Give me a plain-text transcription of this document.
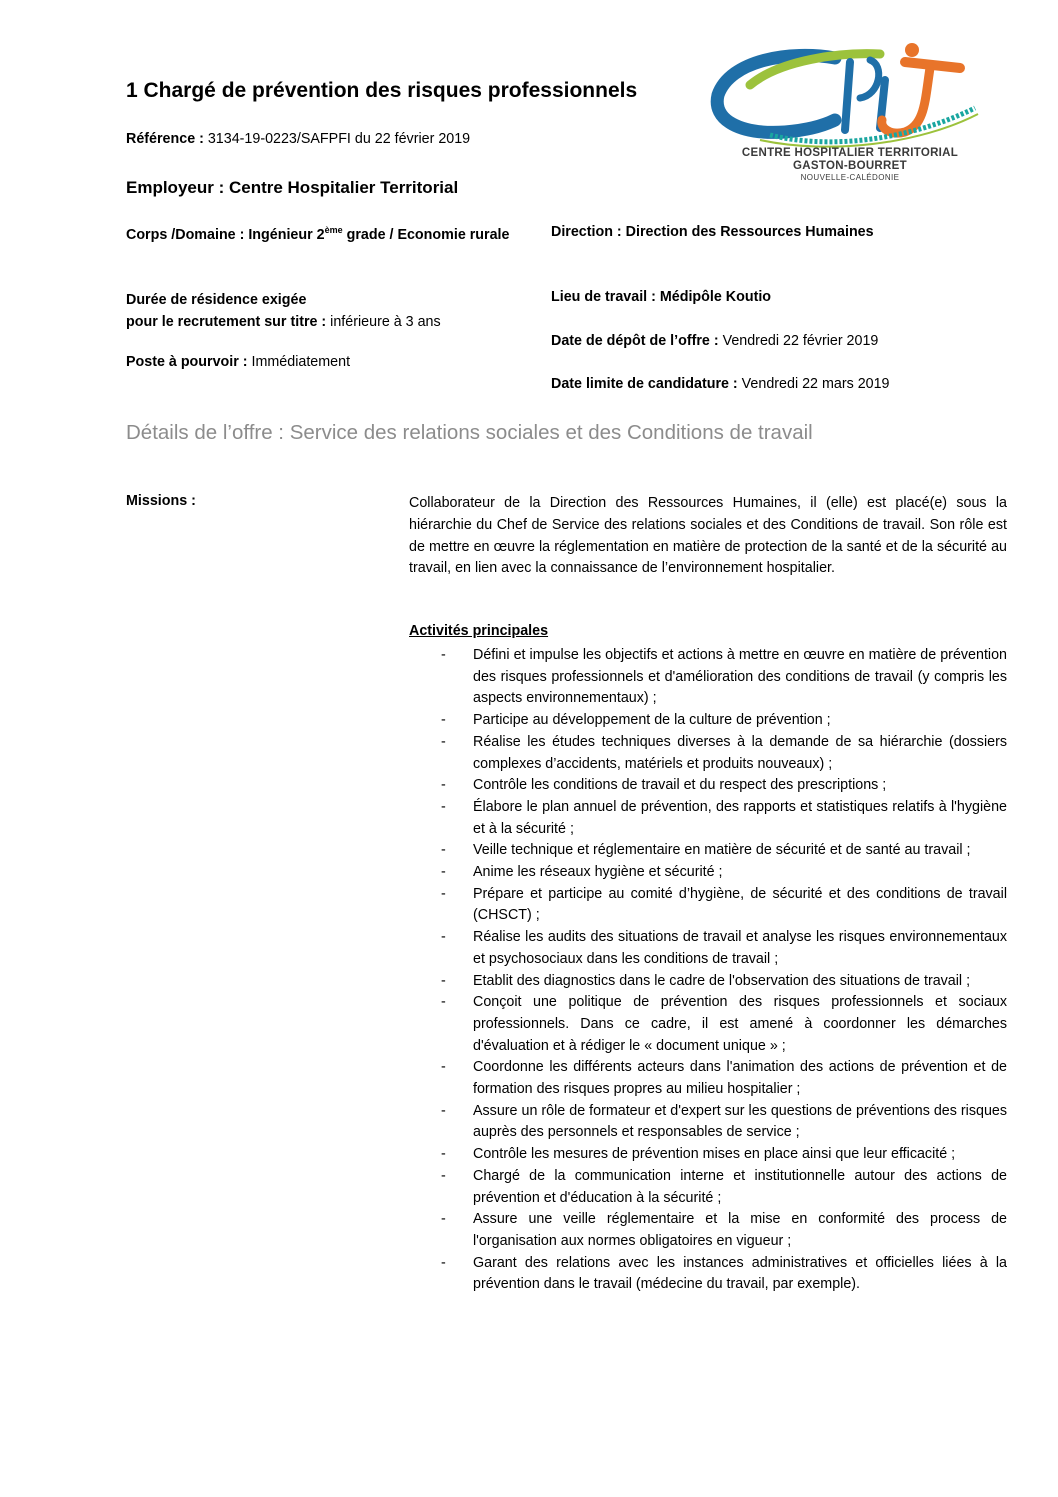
1 Chargé de prévention des risques professionnels
Référence : 3134-19-0223/SAFPFI du 22 février 2019
Employeur : Centre Hospitalier Territorial
CENTRE HOSPITALIER TERRITORIAL
GASTON-BOURRET
NOUVELLE-CALÉDONIE
Corps /Domaine : Ingénieur 2ème grade / Economie rurale	Direction : Direction des Ressources Humaines
Durée de résidence exigée
pour le recrutement sur titre : inférieure à 3 ans
Lieu de travail : Médipôle Koutio
Date de dépôt de l’offre : Vendredi 22 février 2019
Poste à pourvoir : Immédiatement
Date limite de candidature : Vendredi 22 mars 2019
Détails de l’offre : Service des relations sociales et des Conditions de travail
Missions :	Collaborateur de la Direction des Ressources Humaines, il (elle) est placé(e) sous la hiérarchie du Chef de Service des relations sociales et des Conditions de travail. Son rôle est de mettre en œuvre la réglementation en matière de protection de la santé et de la sécurité au travail, en lien avec la connaissance de l’environnement hospitalier.
Activités principales
- Défini et impulse les objectifs et actions à mettre en œuvre en matière de prévention des risques professionnels et d'amélioration des conditions de travail (y compris les aspects environnementaux) ;
- Participe au développement de la culture de prévention ;
- Réalise les études techniques diverses à la demande de sa hiérarchie (dossiers complexes d’accidents, matériels et produits nouveaux) ;
- Contrôle les conditions de travail et du respect des prescriptions ;
- Élabore le plan annuel de prévention, des rapports et statistiques relatifs à l'hygiène et à la sécurité ;
- Veille technique et réglementaire en matière de sécurité et de santé au travail ;
- Anime les réseaux hygiène et sécurité ;
- Prépare et participe au comité d’hygiène, de sécurité et des conditions de travail (CHSCT) ;
- Réalise les audits des situations de travail et analyse les risques environnementaux et psychosociaux dans les conditions de travail ;
- Etablit des diagnostics dans le cadre de l'observation des situations de travail ;
- Conçoit une politique de prévention des risques professionnels et sociaux professionnels. Dans ce cadre, il est amené à coordonner les démarches d'évaluation et à rédiger le « document unique » ;
- Coordonne les différents acteurs dans l'animation des actions de prévention et de formation des risques propres au milieu hospitalier ;
- Assure un rôle de formateur et d'expert sur les questions de préventions des risques auprès des personnels et responsables de service ;
- Contrôle les mesures de prévention mises en place ainsi que leur efficacité ;
- Chargé de la communication interne et institutionnelle autour des actions de prévention et d'éducation à la sécurité ;
- Assure une veille réglementaire et la mise en conformité des process de l'organisation aux normes obligatoires en vigueur ;
- Garant des relations avec les instances administratives et officielles liées à la prévention dans le travail (médecine du travail, par exemple).
